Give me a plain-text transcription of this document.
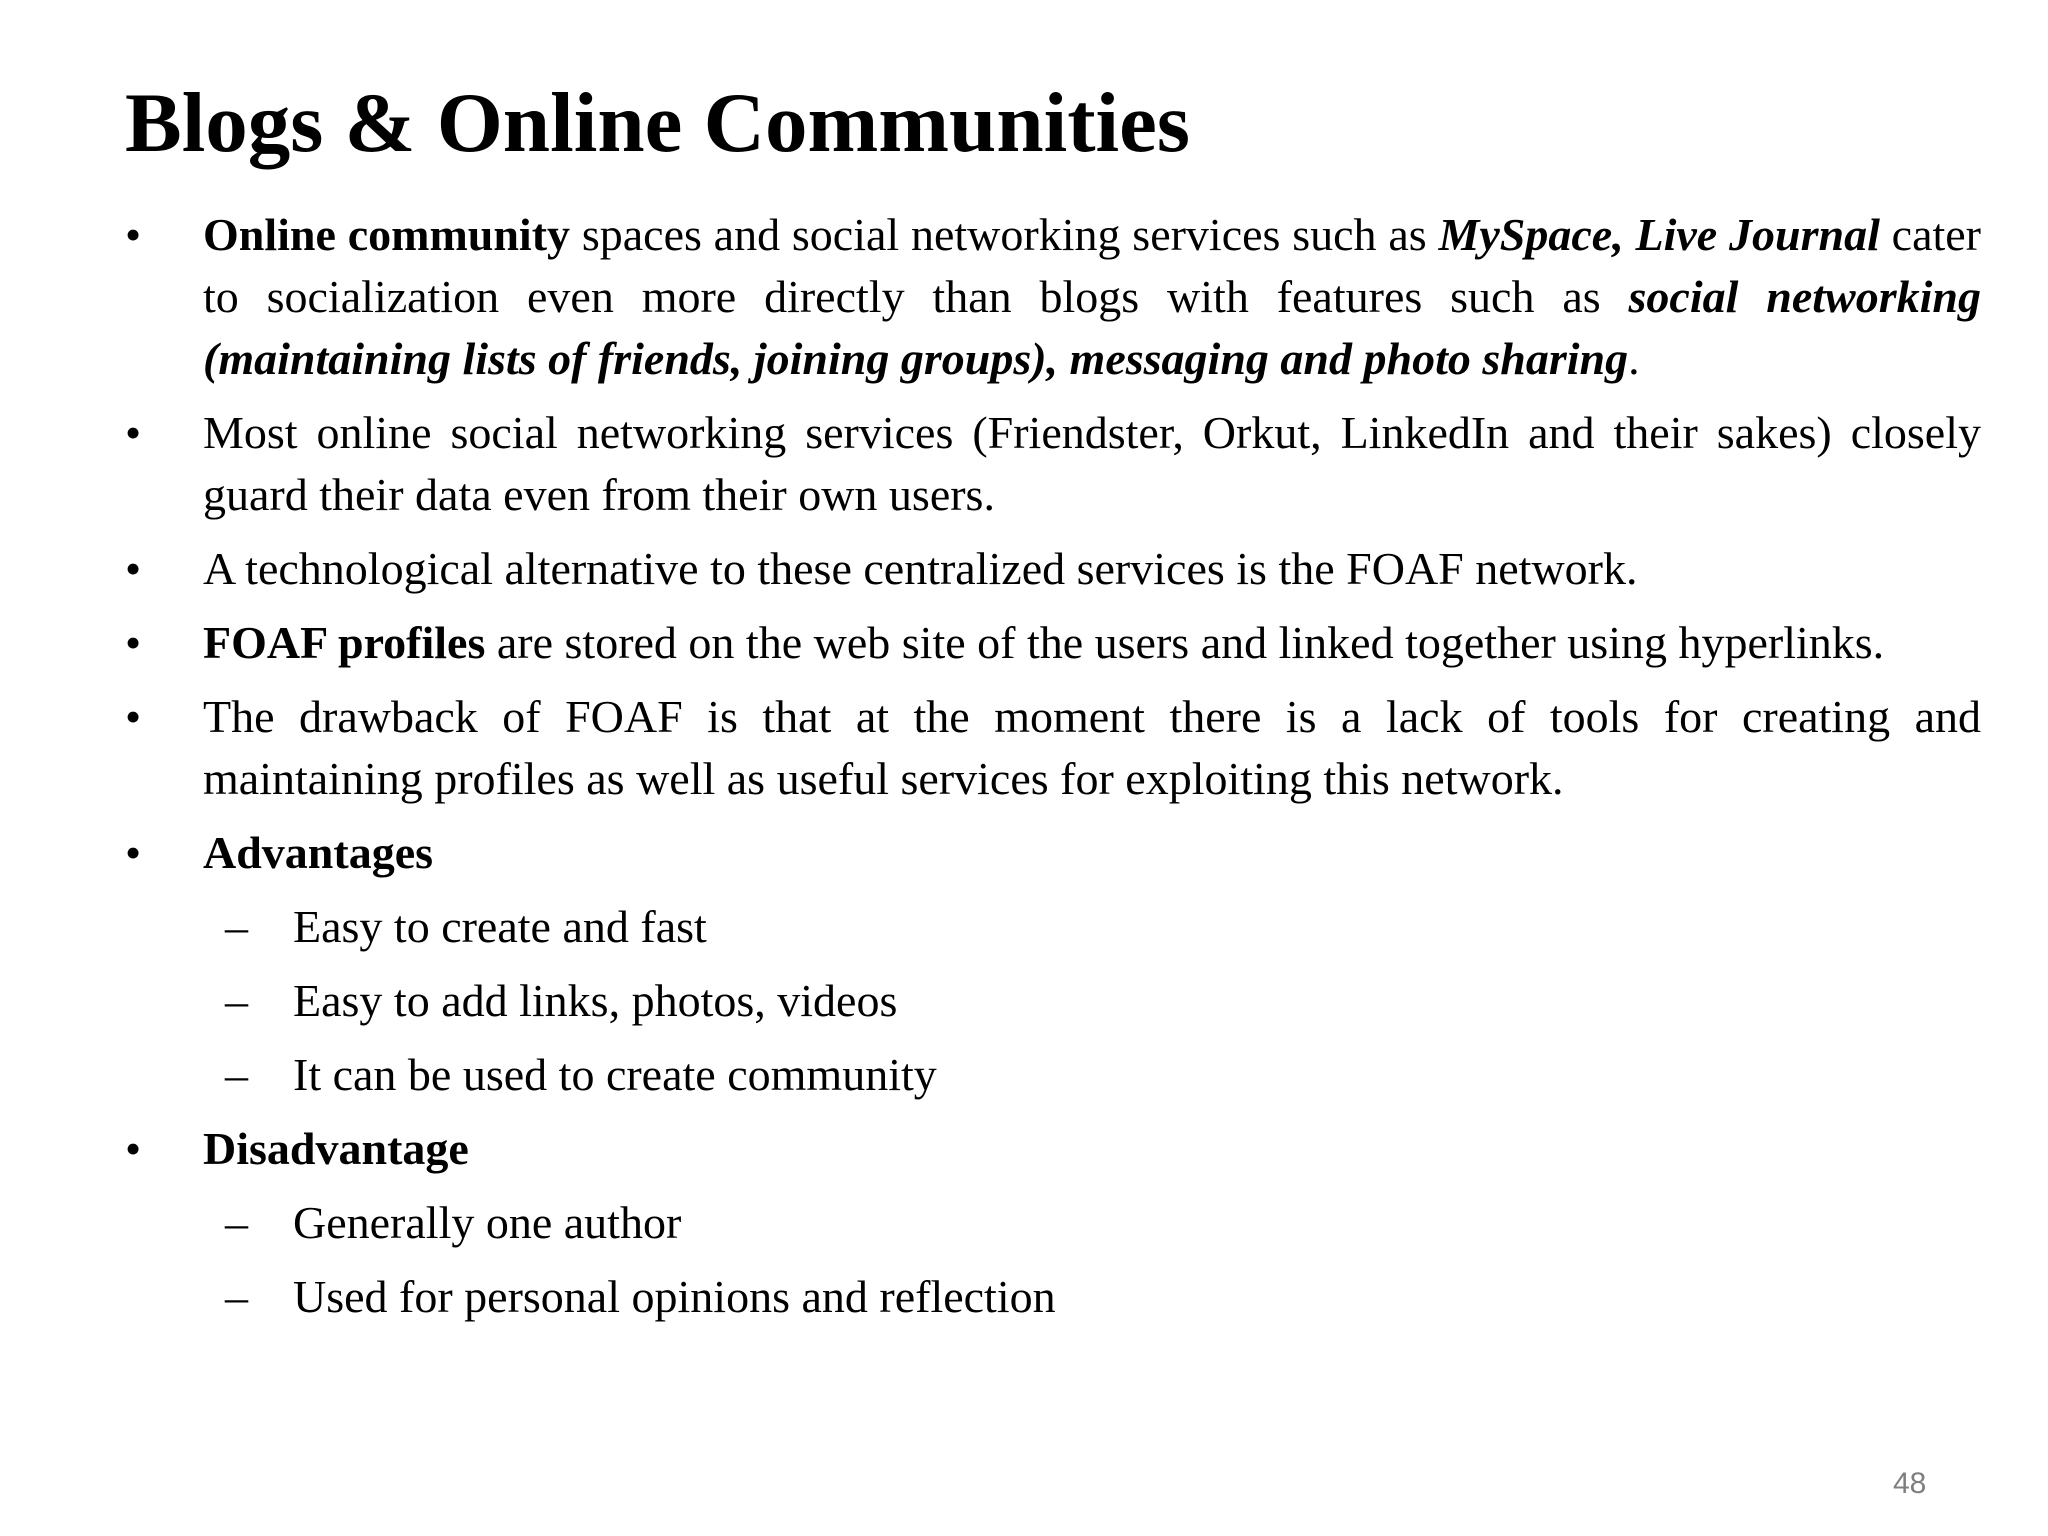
Blogs & Online Communities
•	Online community spaces and social networking services such as MySpace, Live Journal cater to socialization even more directly than blogs with features such as social networking (maintaining lists of friends, joining groups), messaging and photo sharing.
•	Most online social networking services (Friendster, Orkut, LinkedIn and their sakes) closely guard their data even from their own users.
•	A technological alternative to these centralized services is the FOAF network.
•	FOAF profiles are stored on the web site of the users and linked together using hyperlinks.
•	The drawback of FOAF is that at the moment there is a lack of tools for creating and maintaining profiles as well as useful services for exploiting this network.
•	Advantages
– Easy to create and fast
– Easy to add links, photos, videos
– It can be used to create community
•	Disadvantage
– Generally one author
– Used for personal opinions and reflection
48
